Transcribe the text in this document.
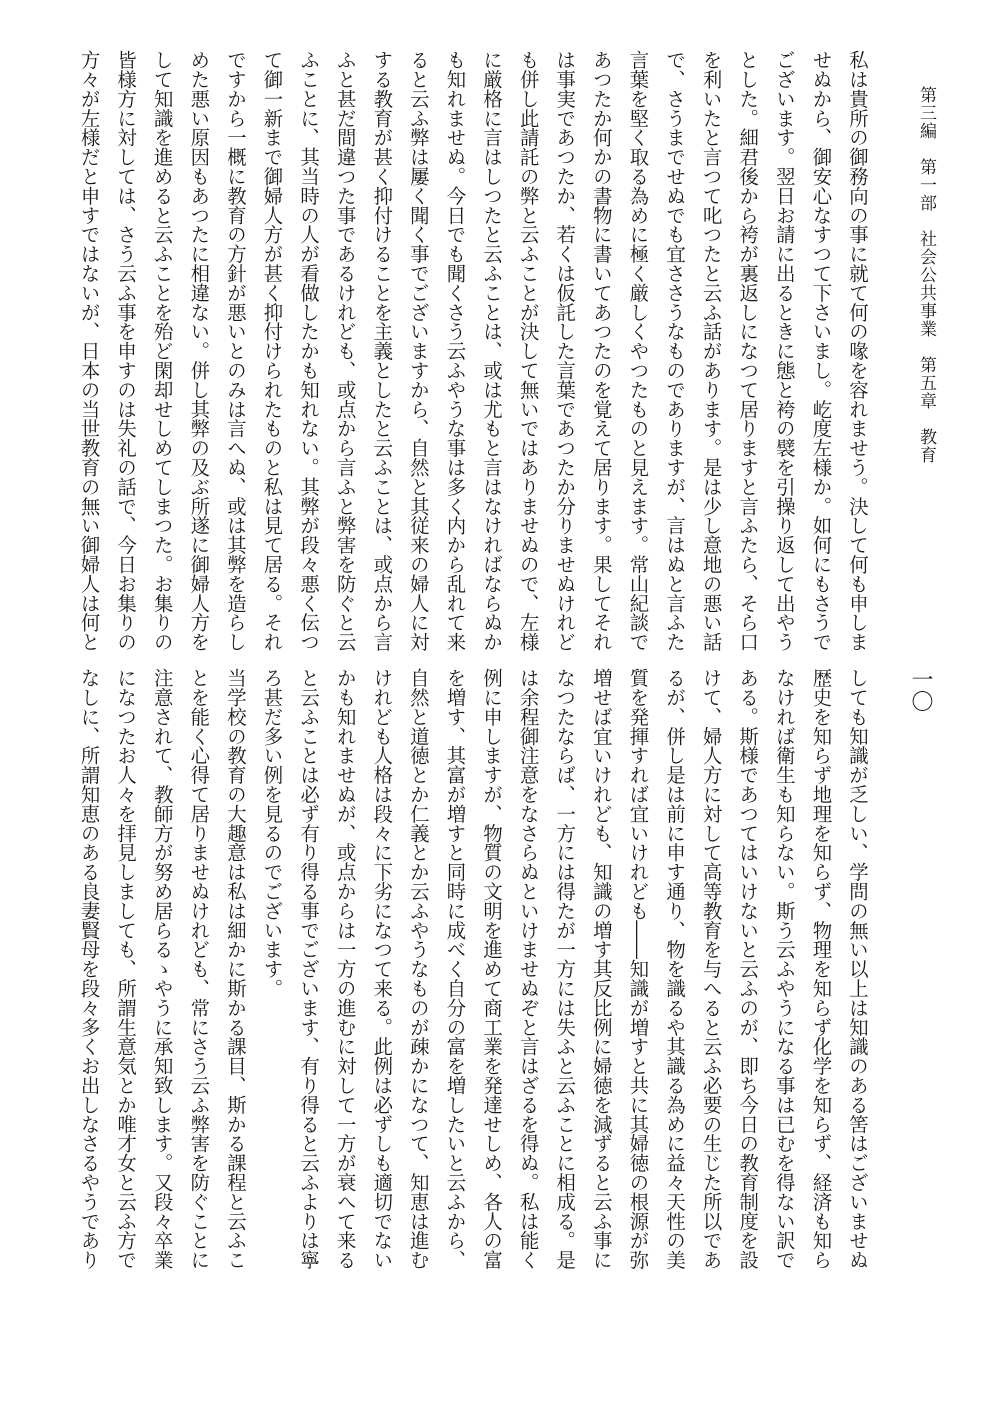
第三編　第一部　社会公共事業　第五章　教育
一〇
私は貴所の御務向の事に就て何の喙を容れませう。決して何も申しま
せぬから、御安心なすつて下さいまし。屹度左様か。如何にもさうで
ございます。翌日お請に出るときに態と袴の襞を引操り返して出やう
とした。細君後から袴が裏返しになつて居りますと言ふたら、そら口
を利いたと言つて叱つたと云ふ話があります。是は少し意地の悪い話
で、さうまでせぬでも宜ささうなものでありますが、言はぬと言ふた
言葉を堅く取る為めに極く厳しくやつたものと見えます。常山紀談で
あつたか何かの書物に書いてあつたのを覚えて居ります。果してそれ
は事実であつたか、若くは仮託した言葉であつたか分りませぬけれど
も併し此請託の弊と云ふことが決して無いではありませぬので、左様
に厳格に言はしつたと云ふことは、或は尤もと言はなければならぬか
も知れませぬ。今日でも聞くさう云ふやうな事は多く内から乱れて来
ると云ふ弊は屢く聞く事でございますから、自然と其従来の婦人に対
する教育が甚く抑付けることを主義としたと云ふことは、或点から言
ふと甚だ間違つた事であるけれども、或点から言ふと弊害を防ぐと云
ふことに、其当時の人が看做したかも知れない。其弊が段々悪く伝つ
て御一新まで御婦人方が甚く抑付けられたものと私は見て居る。それ
ですから一概に教育の方針が悪いとのみは言へぬ、或は其弊を造らし
めた悪い原因もあつたに相違ない。併し其弊の及ぶ所遂に御婦人方を
して知識を進めると云ふことを殆ど閑却せしめてしまつた。お集りの
皆様方に対しては、さう云ふ事を申すのは失礼の話で、今日お集りの
方々が左様だと申すではないが、日本の当世教育の無い御婦人は何と
しても知識が乏しい、学問の無い以上は知識のある筈はございませぬ
歴史を知らず地理を知らず、物理を知らず化学を知らず、経済も知ら
なければ衛生も知らない。斯う云ふやうになる事は已むを得ない訳で
ある。斯様であつてはいけないと云ふのが、即ち今日の教育制度を設
けて、婦人方に対して高等教育を与へると云ふ必要の生じた所以であ
るが、併し是は前に申す通り、物を識るや其識る為めに益々天性の美
質を発揮すれば宜いけれども――知識が増すと共に其婦徳の根源が弥
増せば宜いけれども、知識の増す其反比例に婦徳を減ずると云ふ事に
なつたならば、一方には得たが一方には失ふと云ふことに相成る。是
は余程御注意をなさらぬといけませぬぞと言はざるを得ぬ。私は能く
例に申しますが、物質の文明を進めて商工業を発達せしめ、各人の富
を増す、其富が増すと同時に成べく自分の富を増したいと云ふから、
自然と道徳とか仁義とか云ふやうなものが疎かになつて、知恵は進む
けれども人格は段々に下劣になつて来る。此例は必ずしも適切でない
かも知れませぬが、或点からは一方の進むに対して一方が衰へて来る
と云ふことは必ず有り得る事でございます、有り得ると云ふよりは寧
ろ甚だ多い例を見るのでございます。
当学校の教育の大趣意は私は細かに斯かる課目、斯かる課程と云ふこ
とを能く心得て居りませぬけれども、常にさう云ふ弊害を防ぐことに
注意されて、教師方が努め居らるゝやうに承知致します。又段々卒業
になつたお人々を拝見しましても、所謂生意気とか唯才女と云ふ方で
なしに、所謂知恵のある良妻賢母を段々多くお出しなさるやうであり
